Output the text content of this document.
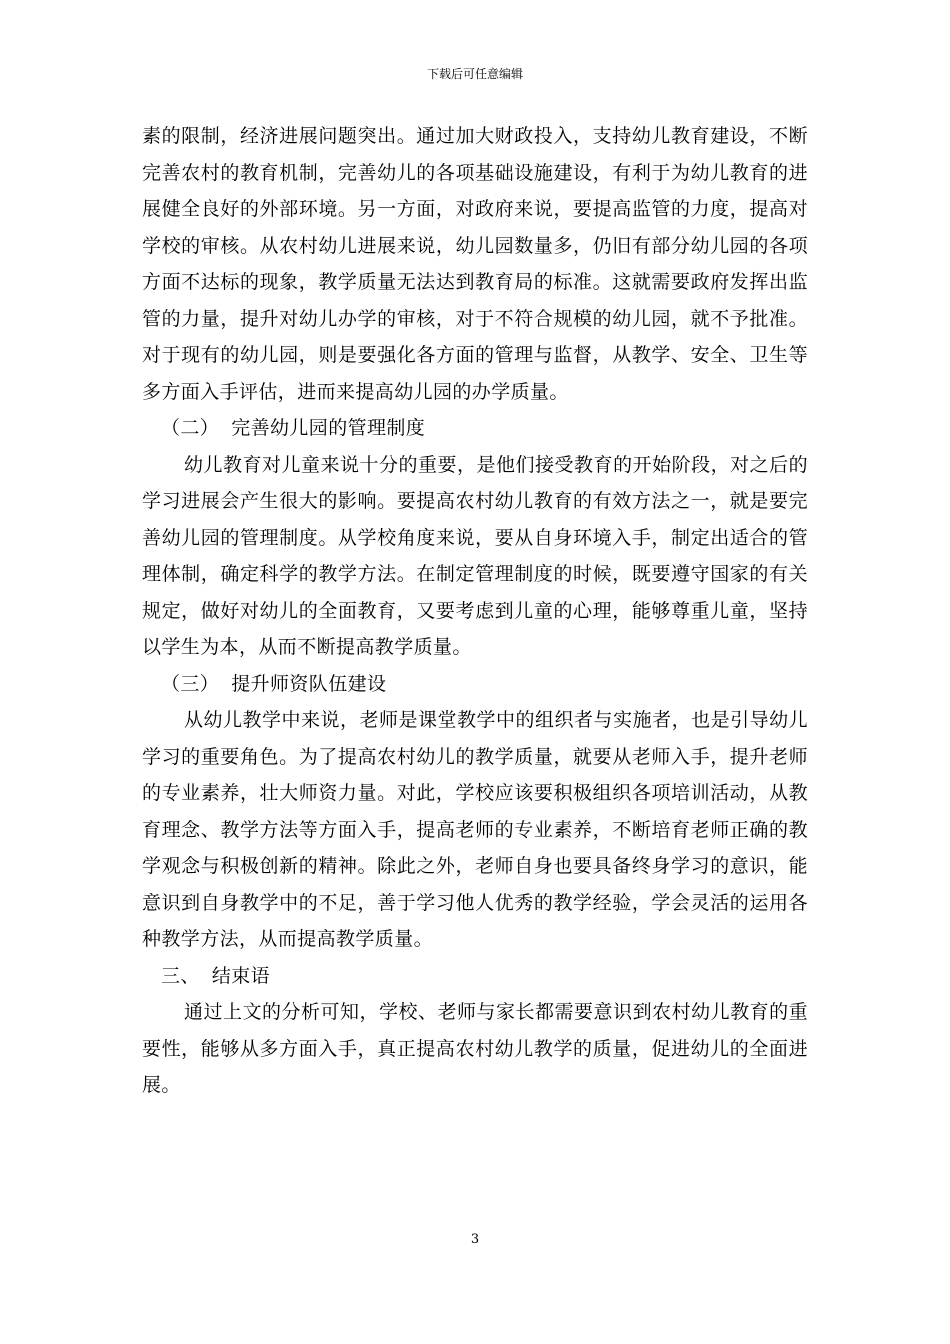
下载后可任意编辑

素的限制，经济进展问题突出。通过加大财政投入，支持幼儿教育建设，不断完善农村的教育机制，完善幼儿的各项基础设施建设，有利于为幼儿教育的进展健全良好的外部环境。另一方面，对政府来说，要提高监管的力度，提高对学校的审核。从农村幼儿进展来说，幼儿园数量多，仍旧有部分幼儿园的各项方面不达标的现象，教学质量无法达到教育局的标准。这就需要政府发挥出监管的力量，提升对幼儿办学的审核，对于不符合规模的幼儿园，就不予批准。对于现有的幼儿园，则是要强化各方面的管理与监督，从教学、安全、卫生等多方面入手评估，进而来提高幼儿园的办学质量。

（二） 完善幼儿园的管理制度

幼儿教育对儿童来说十分的重要，是他们接受教育的开始阶段，对之后的学习进展会产生很大的影响。要提高农村幼儿教育的有效方法之一，就是要完善幼儿园的管理制度。从学校角度来说，要从自身环境入手，制定出适合的管理体制，确定科学的教学方法。在制定管理制度的时候，既要遵守国家的有关规定，做好对幼儿的全面教育，又要考虑到儿童的心理，能够尊重儿童，坚持以学生为本，从而不断提高教学质量。

（三） 提升师资队伍建设

从幼儿教学中来说，老师是课堂教学中的组织者与实施者，也是引导幼儿学习的重要角色。为了提高农村幼儿的教学质量，就要从老师入手，提升老师的专业素养，壮大师资力量。对此，学校应该要积极组织各项培训活动，从教育理念、教学方法等方面入手，提高老师的专业素养，不断培育老师正确的教学观念与积极创新的精神。除此之外，老师自身也要具备终身学习的意识，能意识到自身教学中的不足，善于学习他人优秀的教学经验，学会灵活的运用各种教学方法，从而提高教学质量。

三、 结束语

通过上文的分析可知，学校、老师与家长都需要意识到农村幼儿教育的重要性，能够从多方面入手，真正提高农村幼儿教学的质量，促进幼儿的全面进展。

3
